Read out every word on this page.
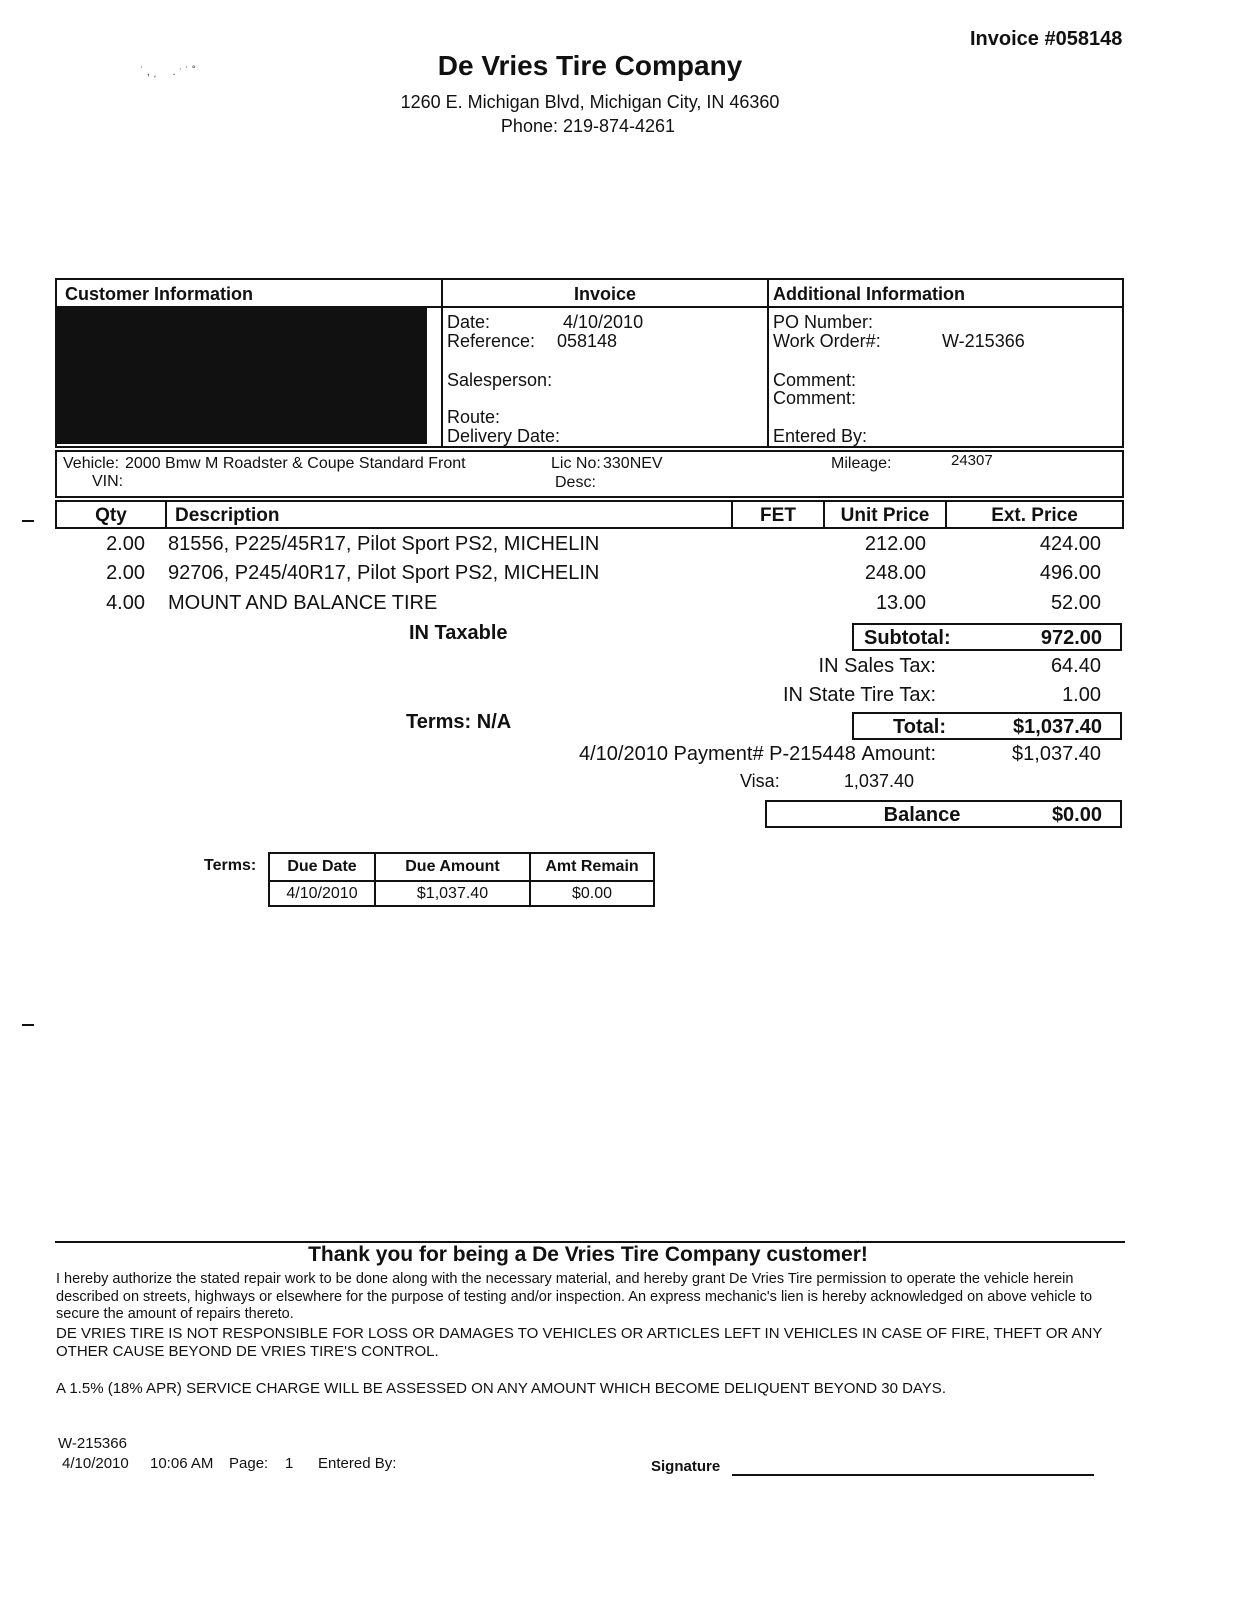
Invoice #058148
˙‚ˏ  .ˑ˙˚	De Vries Tire Company
1260 E. Michigan Blvd, Michigan City, IN 46360
Phone: 219-874-4261
Customer Information	Invoice	Additional Information
Date:	4/10/2010
Reference: 058148
Salesperson:
Route:
Delivery Date:
PO Number:
Work Order#:	W-215366
Comment:
Comment:
Entered By:
Vehicle: 2000 Bmw M Roadster & Coupe Standard Front
VIN:
Lic No: 330NEV
Desc:
Mileage:	24307
Qty	Description	FET	Unit Price	Ext. Price
2.00 81556, P225/45R17, Pilot Sport PS2, MICHELIN	212.00	424.00
2.00 92706, P245/40R17, Pilot Sport PS2, MICHELIN	248.00	496.00
4.00 MOUNT AND BALANCE TIRE	13.00	52.00
IN Taxable	Subtotal:	972.00
IN Sales Tax:	64.40
IN State Tire Tax:	1.00
Terms: N/A	Total:	$1,037.40
4/10/2010 Payment# P-215448 Amount:	$1,037.40
Visa:	1,037.40
Balance	$0.00
Terms:	Due Date	Due Amount	Amt Remain
4/10/2010	$1,037.40	$0.00
Thank you for being a De Vries Tire Company customer!
I hereby authorize the stated repair work to be done along with the necessary material, and hereby grant De Vries Tire permission to operate the vehicle herein described on streets, highways or elsewhere for the purpose of testing and/or inspection. An express mechanic's lien is hereby acknowledged on above vehicle to secure the amount of repairs thereto.
DE VRIES TIRE IS NOT RESPONSIBLE FOR LOSS OR DAMAGES TO VEHICLES OR ARTICLES LEFT IN VEHICLES IN CASE OF FIRE, THEFT OR ANY OTHER CAUSE BEYOND DE VRIES TIRE'S CONTROL.
A 1.5% (18% APR) SERVICE CHARGE WILL BE ASSESSED ON ANY AMOUNT WHICH BECOME DELIQUENT BEYOND 30 DAYS.
W-215366
4/10/2010 10:06 AM Page: 1 Entered By:	Signature
